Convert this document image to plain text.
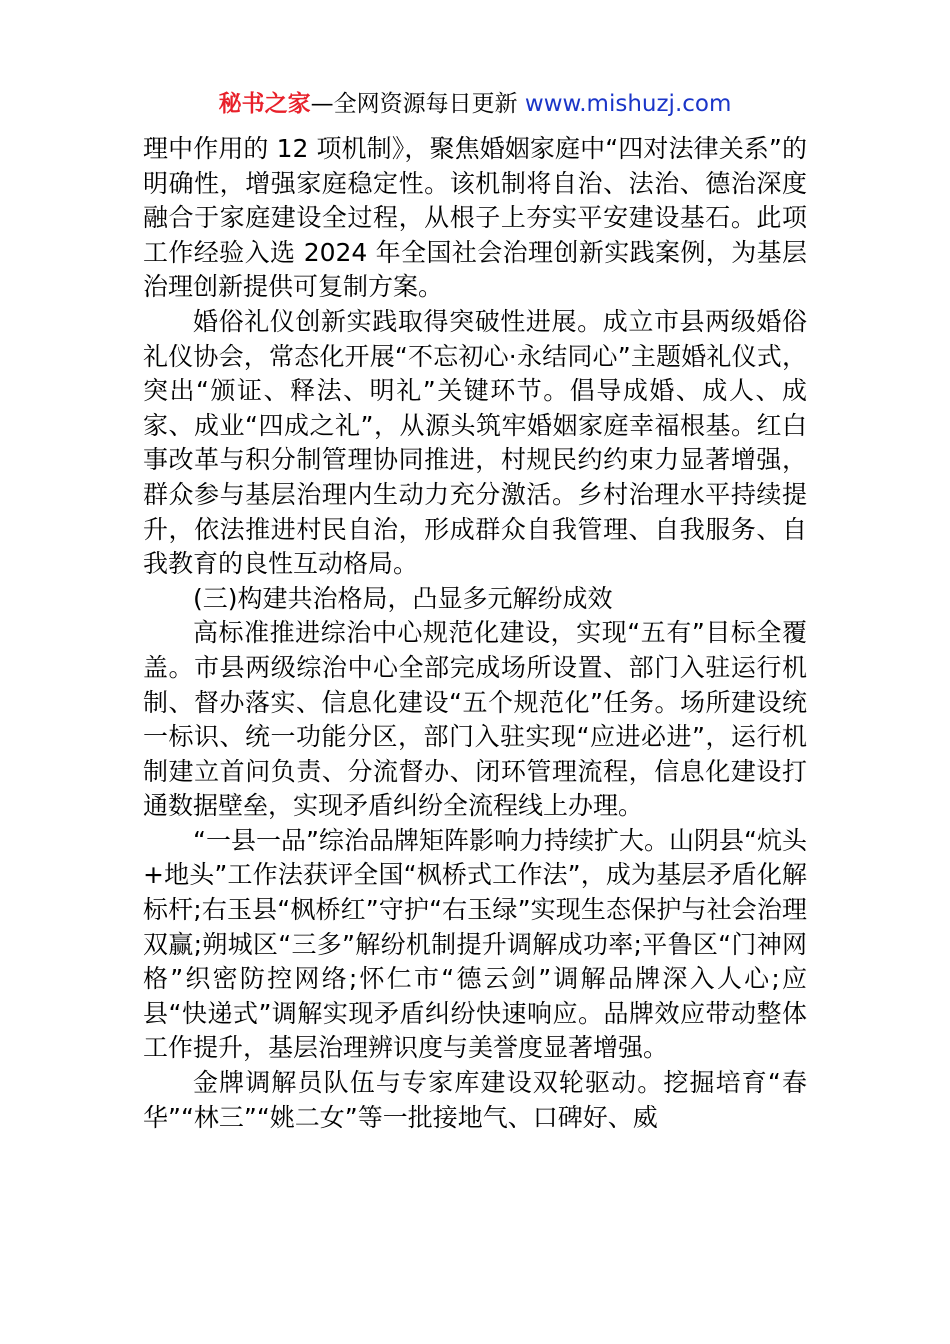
秘书之家—全网资源每日更新 www.mishuzj.com

理中作用的 12 项机制》，聚焦婚姻家庭中“四对法律关系”的明确性，增强家庭稳定性。该机制将自治、法治、德治深度融合于家庭建设全过程，从根子上夯实平安建设基石。此项工作经验入选 2024 年全国社会治理创新实践案例，为基层治理创新提供可复制方案。

婚俗礼仪创新实践取得突破性进展。成立市县两级婚俗礼仪协会，常态化开展“不忘初心·永结同心”主题婚礼仪式，突出“颁证、释法、明礼”关键环节。倡导成婚、成人、成家、成业“四成之礼”，从源头筑牢婚姻家庭幸福根基。红白事改革与积分制管理协同推进，村规民约约束力显著增强，群众参与基层治理内生动力充分激活。乡村治理水平持续提升，依法推进村民自治，形成群众自我管理、自我服务、自我教育的良性互动格局。

(三)构建共治格局，凸显多元解纷成效

高标准推进综治中心规范化建设，实现“五有”目标全覆盖。市县两级综治中心全部完成场所设置、部门入驻运行机制、督办落实、信息化建设“五个规范化”任务。场所建设统一标识、统一功能分区，部门入驻实现“应进必进”，运行机制建立首问负责、分流督办、闭环管理流程，信息化建设打通数据壁垒，实现矛盾纠纷全流程线上办理。

“一县一品”综治品牌矩阵影响力持续扩大。山阴县“炕头+地头”工作法获评全国“枫桥式工作法”，成为基层矛盾化解标杆;右玉县“枫桥红”守护“右玉绿”实现生态保护与社会治理双赢;朔城区“三多”解纷机制提升调解成功率;平鲁区“门神网格”织密防控网络;怀仁市“德云剑”调解品牌深入人心;应县“快递式”调解实现矛盾纠纷快速响应。品牌效应带动整体工作提升，基层治理辨识度与美誉度显著增强。

金牌调解员队伍与专家库建设双轮驱动。挖掘培育“春华”“林三”“姚二女”等一批接地气、口碑好、威
